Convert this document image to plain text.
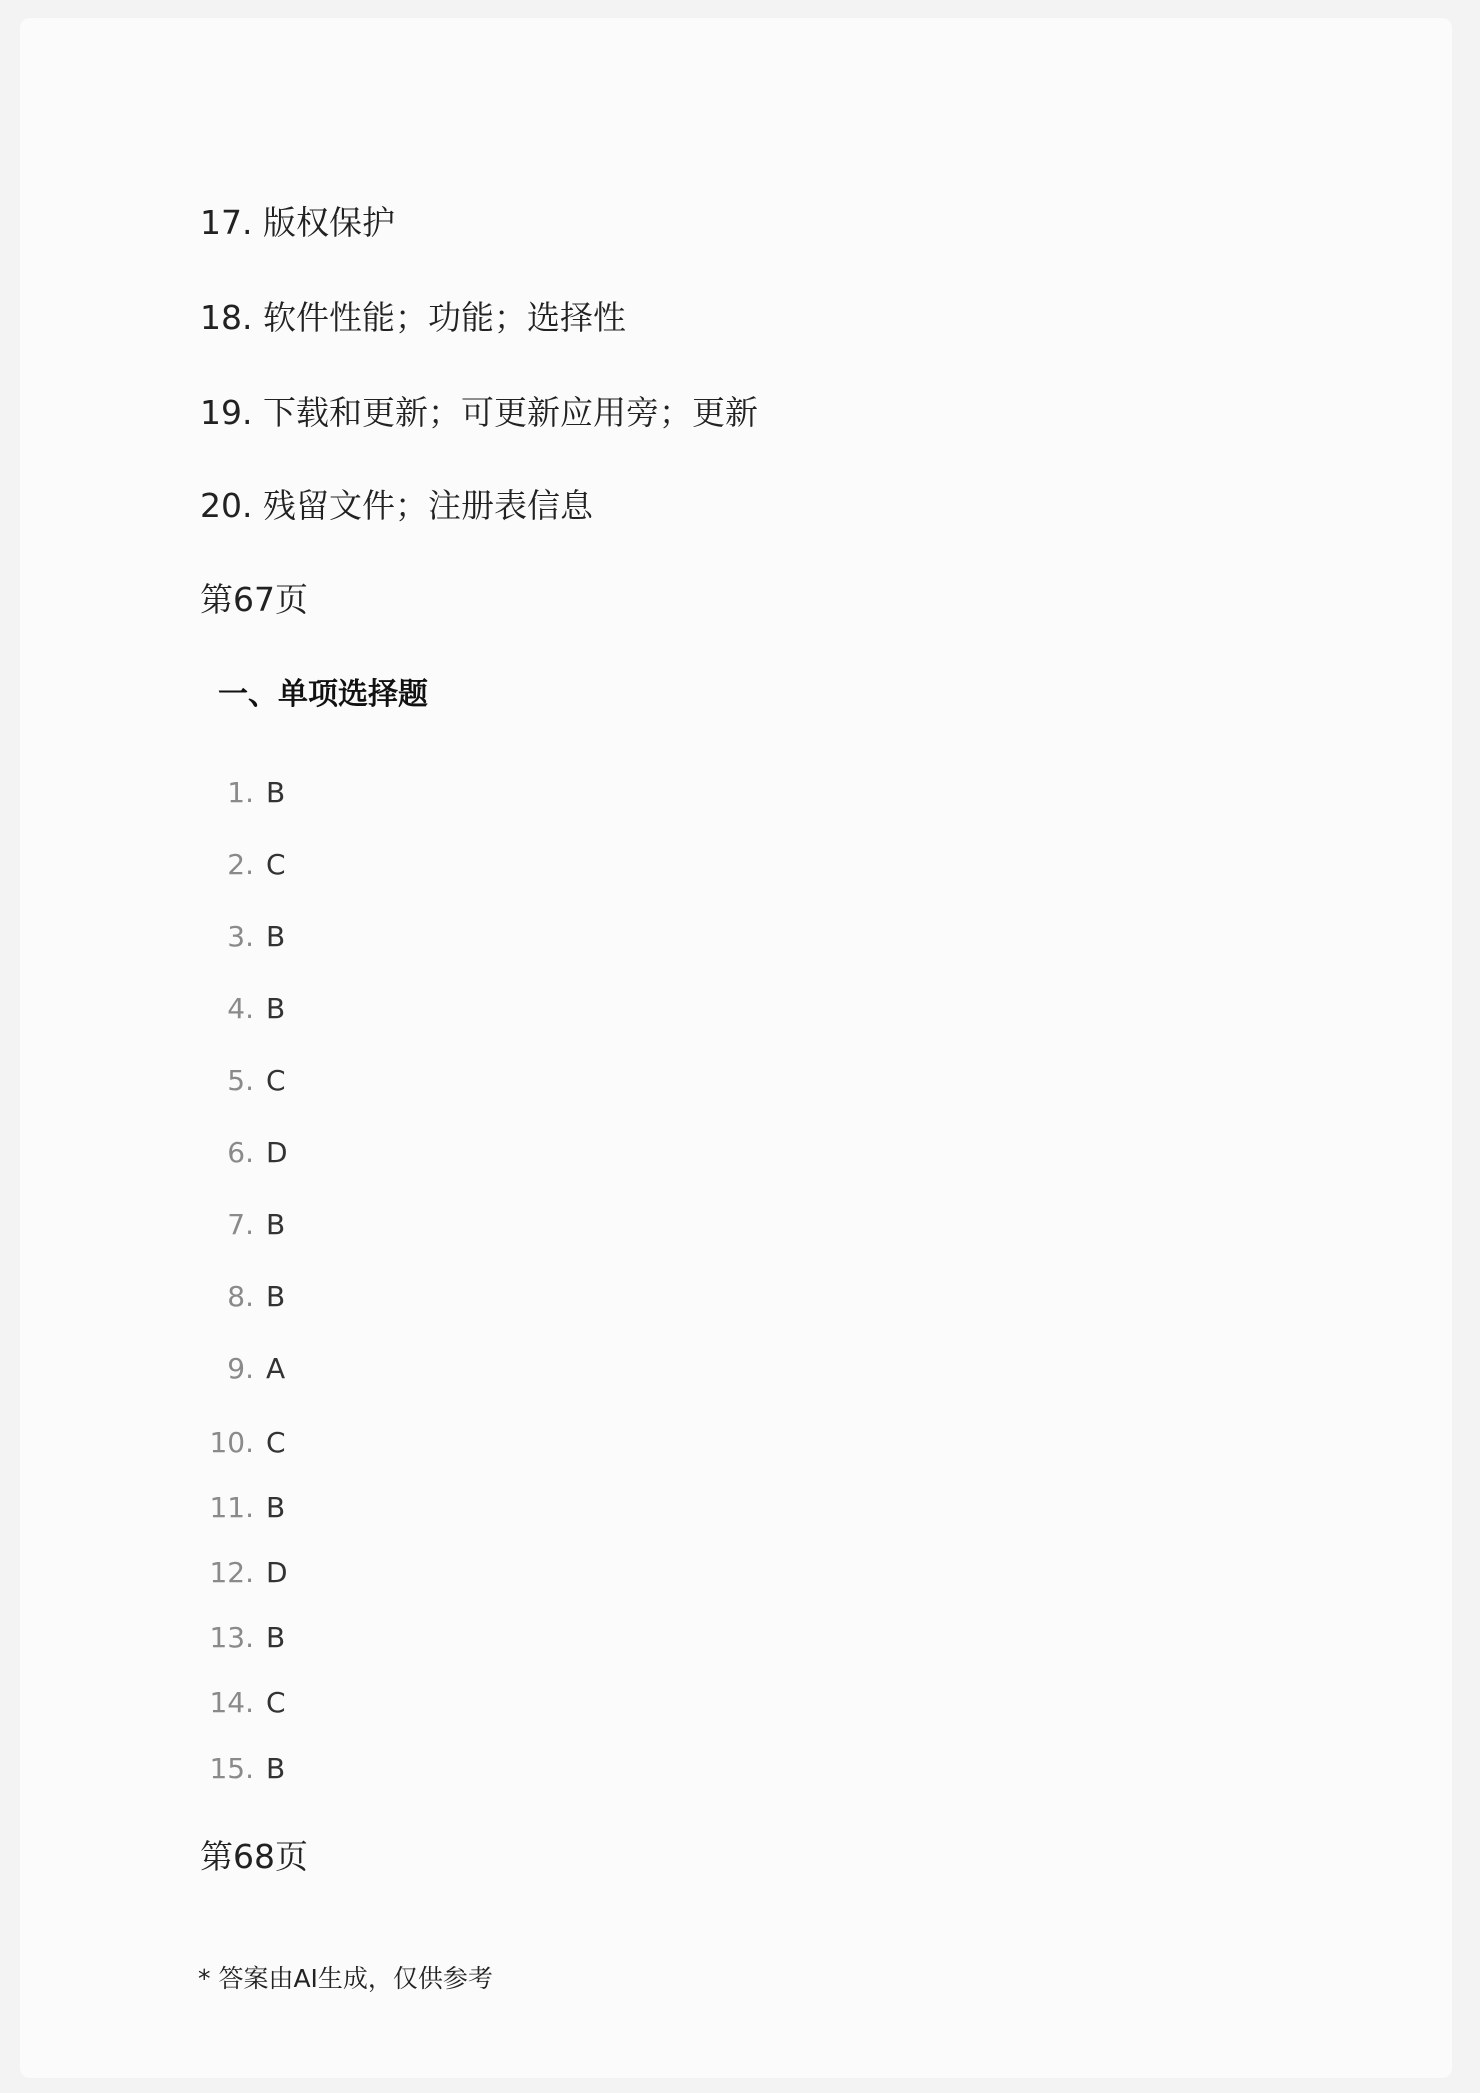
17. 版权保护
18. 软件性能；功能；选择性
19. 下载和更新；可更新应用旁；更新
20. 残留文件；注册表信息
第67页
一、单项选择题
1. B
2. C
3. B
4. B
5. C
6. D
7. B
8. B
9. A
10. C
11. B
12. D
13. B
14. C
15. B
第68页
* 答案由AI生成，仅供参考
